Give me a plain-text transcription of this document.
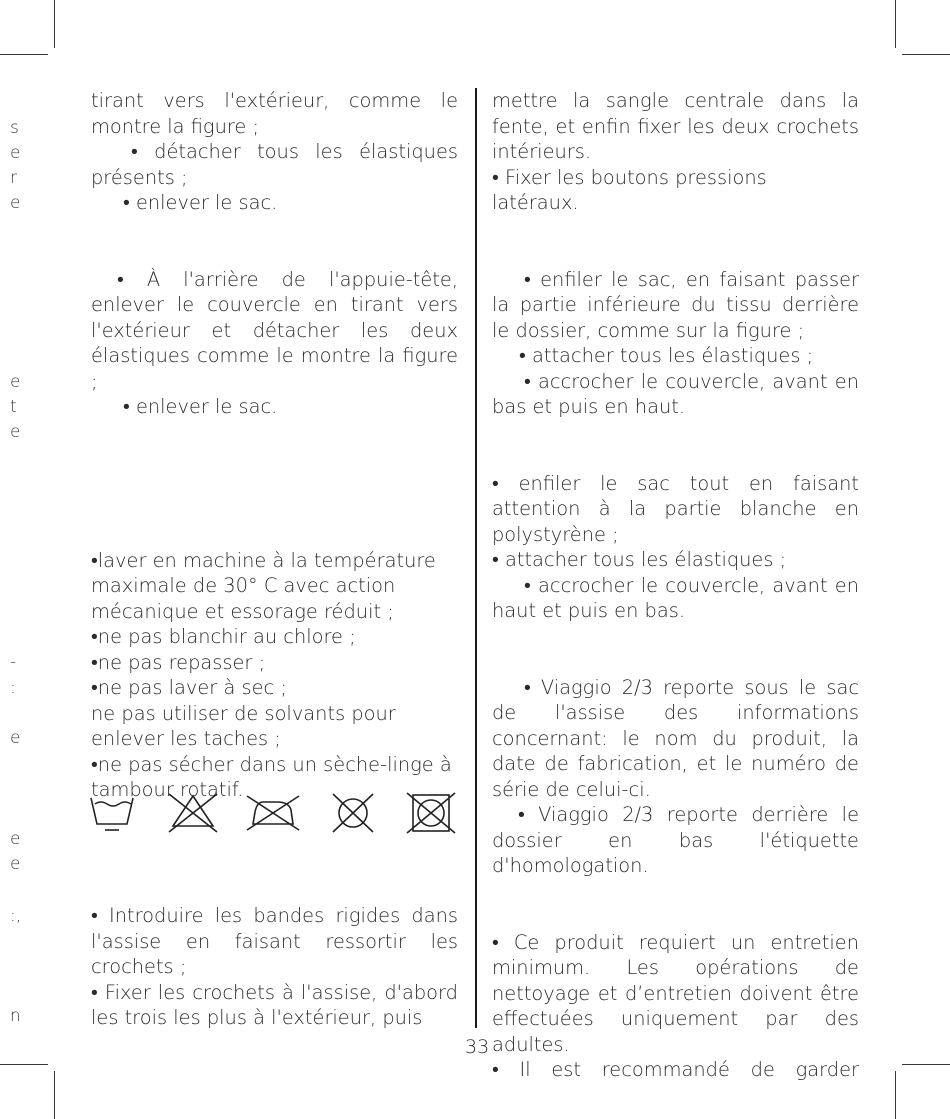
s
e
r
e
e
t
e
-
:
e
e
e
:,
n

tirant vers l'extérieur, comme le montre la figure ;

• détacher tous les élastiques présents ;

• enlever le sac.

• À l'arrière de l'appuie-tête, enlever le couvercle en tirant vers l'extérieur et détacher les deux élastiques comme le montre la figure ;

• enlever le sac.

•laver en machine à la température maximale de 30° C avec action mécanique et essorage réduit ;

•ne pas blanchir au chlore ;

•ne pas repasser ;

•ne pas laver à sec ;

ne pas utiliser de solvants pour enlever les taches ;

•ne pas sécher dans un sèche-linge à tambour rotatif.

• Introduire les bandes rigides dans l'assise en faisant ressortir les crochets ;

• Fixer les crochets à l'assise, d'abord les trois les plus à l'extérieur, puis

mettre la sangle centrale dans la fente, et enfin fixer les deux crochets intérieurs.

• Fixer les boutons pressions latéraux.

• enfiler le sac, en faisant passer la partie inférieure du tissu derrière le dossier, comme sur la figure ;

• attacher tous les élastiques ;

• accrocher le couvercle, avant en bas et puis en haut.

• enfiler le sac tout en faisant attention à la partie blanche en polystyrène ;

• attacher tous les élastiques ;

• accrocher le couvercle, avant en haut et puis en bas.

• Viaggio 2/3 reporte sous le sac de l'assise des informations concernant: le nom du produit, la date de fabrication, et le numéro de série de celui-ci.

• Viaggio 2/3 reporte derrière le dossier en bas l'étiquette d'homologation.

• Ce produit requiert un entretien minimum. Les opérations de nettoyage et d’entretien doivent être effectuées uniquement par des adultes.

• Il est recommandé de garder

33
